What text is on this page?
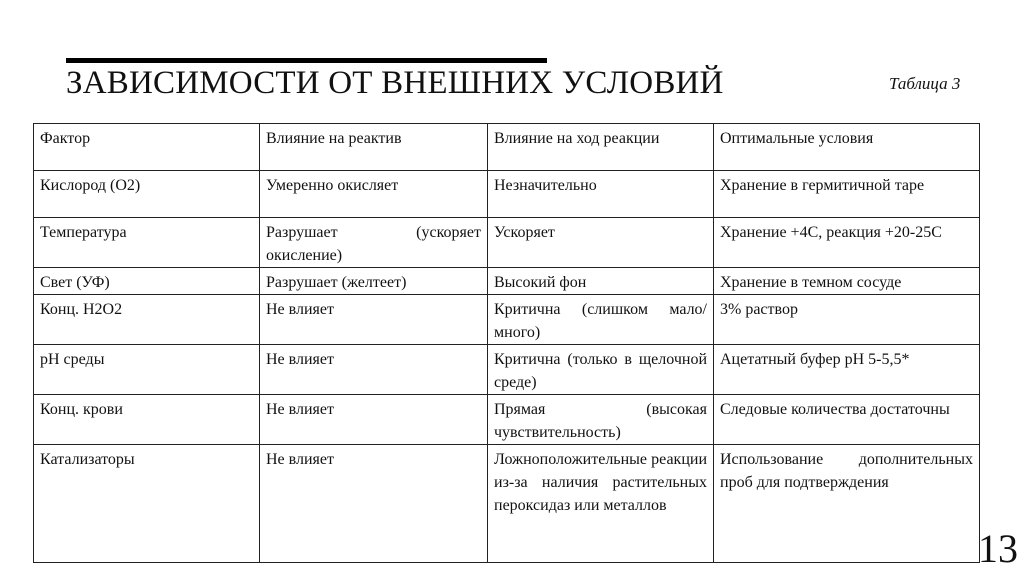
ЗАВИСИМОСТИ ОТ ВНЕШНИХ УСЛОВИЙ	Таблица 3
Фактор	Влияние на реактив	Влияние на ход реакции	Оптимальные условия
Кислород (О2)	Умеренно окисляет	Незначительно	Хранение в гермитичной таре
Температура	Разрушает (ускоряет окисление)	Ускоряет	Хранение +4С, реакция +20-25С
Свет (УФ)	Разрушает (желтеет)	Высокий фон	Хранение в темном сосуде
Конц. Н2О2	Не влияет	Критична (слишком мало/много)	3% раствор
pH среды	Не влияет	Критична (только в щелочной среде)	Ацетатный буфер pH 5-5,5*
Конц. крови	Не влияет	Прямая (высокая чувствительность)	Следовые количества достаточны
Катализаторы	Не влияет	Ложноположительные реакции из-за наличия растительных пероксидаз или металлов	Использование дополнительных проб для подтверждения
13
